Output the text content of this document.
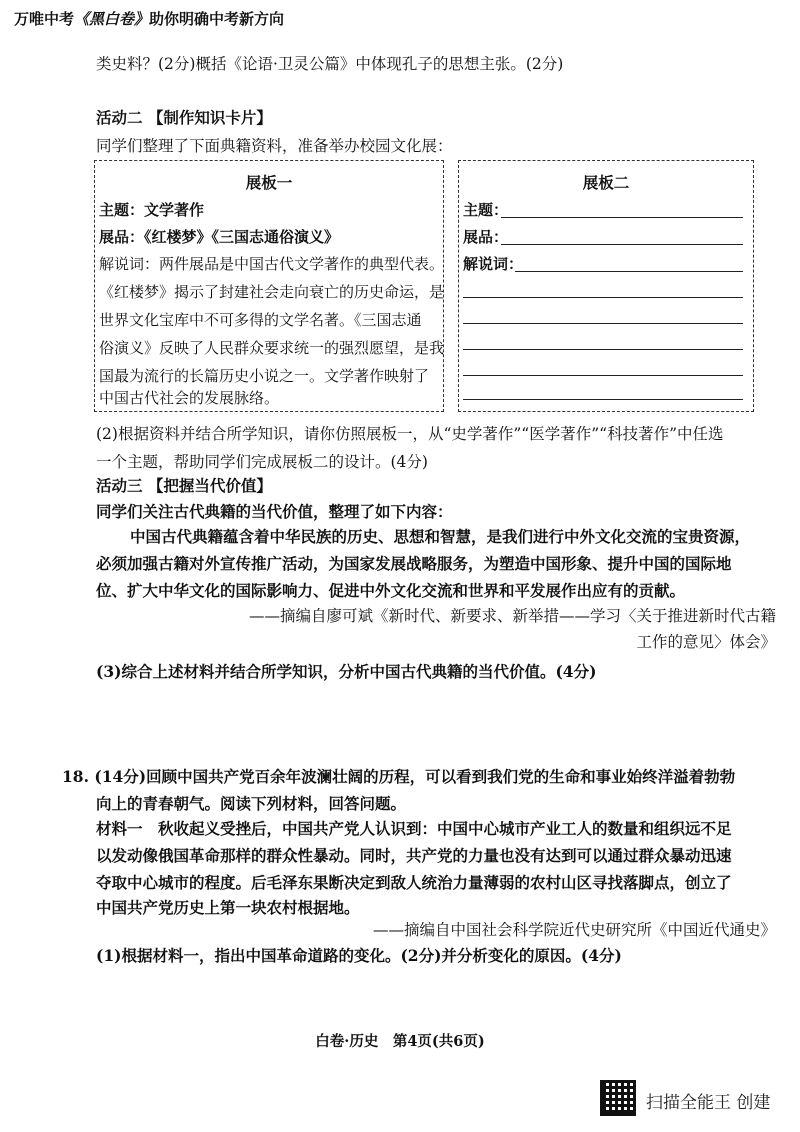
万唯中考《黑白卷》助你明确中考新方向
类史料？(2分)概括《论语·卫灵公篇》中体现孔子的思想主张。(2分)
活动二 【制作知识卡片】
同学们整理了下面典籍资料，准备举办校园文化展：
展板一
主题：文学著作
展品：《红楼梦》《三国志通俗演义》
解说词：两件展品是中国古代文学著作的典型代表。
《红楼梦》揭示了封建社会走向衰亡的历史命运，是
世界文化宝库中不可多得的文学名著。《三国志通
俗演义》反映了人民群众要求统一的强烈愿望，是我
国最为流行的长篇历史小说之一。文学著作映射了
中国古代社会的发展脉络。
展板二
主题：
展品：
解说词：
(2)根据资料并结合所学知识，请你仿照展板一，从“史学著作”“医学著作”“科技著作”中任选
一个主题，帮助同学们完成展板二的设计。(4分)
活动三 【把握当代价值】
同学们关注古代典籍的当代价值，整理了如下内容：
中国古代典籍蕴含着中华民族的历史、思想和智慧，是我们进行中外文化交流的宝贵资源，
必须加强古籍对外宣传推广活动，为国家发展战略服务，为塑造中国形象、提升中国的国际地
位、扩大中华文化的国际影响力、促进中外文化交流和世界和平发展作出应有的贡献。
——摘编自廖可斌《新时代、新要求、新举措——学习〈关于推进新时代古籍
工作的意见〉体会》
(3)综合上述材料并结合所学知识，分析中国古代典籍的当代价值。(4分)
18. (14分)回顾中国共产党百余年波澜壮阔的历程，可以看到我们党的生命和事业始终洋溢着勃勃
向上的青春朝气。阅读下列材料，回答问题。
材料一　秋收起义受挫后，中国共产党人认识到：中国中心城市产业工人的数量和组织远不足
以发动像俄国革命那样的群众性暴动。同时，共产党的力量也没有达到可以通过群众暴动迅速
夺取中心城市的程度。后毛泽东果断决定到敌人统治力量薄弱的农村山区寻找落脚点，创立了
中国共产党历史上第一块农村根据地。
——摘编自中国社会科学院近代史研究所《中国近代通史》
(1)根据材料一，指出中国革命道路的变化。(2分)并分析变化的原因。(4分)
白卷·历史　第4页(共6页)
扫描全能王 创建
